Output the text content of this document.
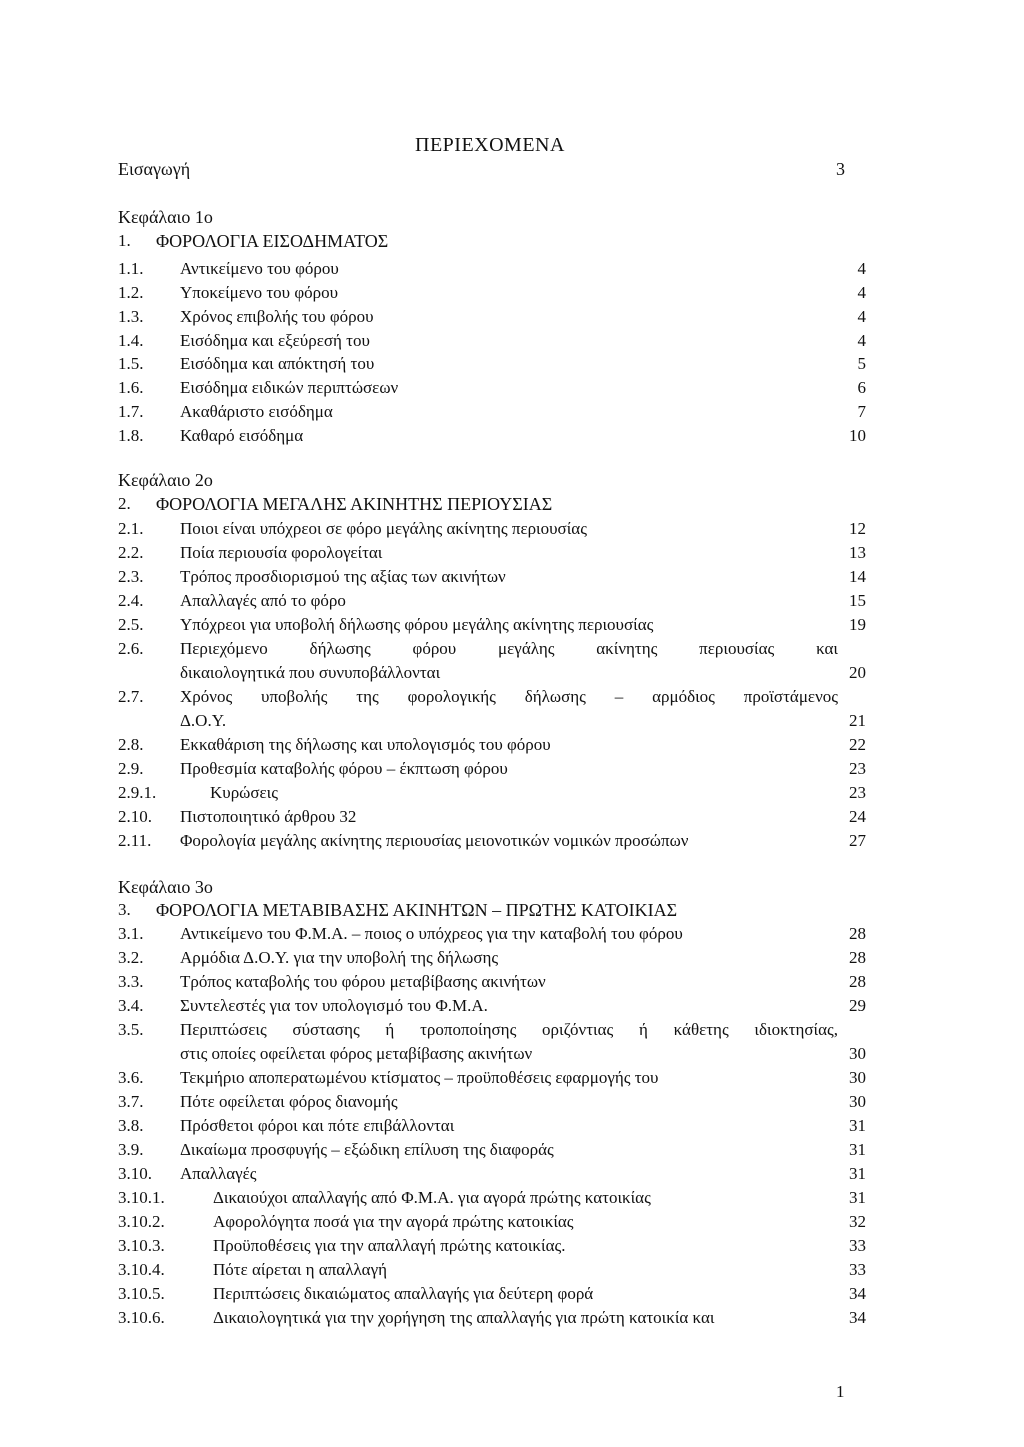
ΠΕΡΙΕΧΟΜΕΝΑ
Εισαγωγή	3
Κεφάλαιο 1ο
1. ΦΟΡΟΛΟΓΙΑ ΕΙΣΟΔΗΜΑΤΟΣ
1.1. Αντικείμενο του φόρου	4
1.2. Υποκείμενο του φόρου	4
1.3. Χρόνος επιβολής του φόρου	4
1.4. Εισόδημα και εξεύρεσή του	4
1.5. Εισόδημα και απόκτησή του	5
1.6. Εισόδημα ειδικών περιπτώσεων	6
1.7. Ακαθάριστο εισόδημα	7
1.8. Καθαρό εισόδημα	10
Κεφάλαιο 2ο
2. ΦΟΡΟΛΟΓΙΑ ΜΕΓΑΛΗΣ ΑΚΙΝΗΤΗΣ ΠΕΡΙΟΥΣΙΑΣ
2.1. Ποιοι είναι υπόχρεοι σε φόρο μεγάλης ακίνητης περιουσίας	12
2.2. Ποία περιουσία φορολογείται	13
2.3. Τρόπος προσδιορισμού της αξίας των ακινήτων	14
2.4. Απαλλαγές από το φόρο	15
2.5. Υπόχρεοι για υποβολή δήλωσης φόρου μεγάλης ακίνητης περιουσίας	19
2.6. Περιεχόμενο δήλωσης φόρου μεγάλης ακίνητης περιουσίας και
δικαιολογητικά που συνυποβάλλονται	20
2.7. Χρόνος υποβολής της φορολογικής δήλωσης – αρμόδιος προϊστάμενος
Δ.Ο.Υ.	21
2.8. Εκκαθάριση της δήλωσης και υπολογισμός του φόρου	22
2.9. Προθεσμία καταβολής φόρου – έκπτωση φόρου	23
2.9.1.	Κυρώσεις	23
2.10. Πιστοποιητικό άρθρου 32	24
2.11. Φορολογία μεγάλης ακίνητης περιουσίας μειονοτικών νομικών προσώπων	27
Κεφάλαιο 3ο
3. ΦΟΡΟΛΟΓΙΑ ΜΕΤΑΒΙΒΑΣΗΣ ΑΚΙΝΗΤΩΝ – ΠΡΩΤΗΣ ΚΑΤΟΙΚΙΑΣ
3.1. Αντικείμενο του Φ.Μ.Α. – ποιος ο υπόχρεος για την καταβολή του φόρου	28
3.2. Αρμόδια Δ.Ο.Υ. για την υποβολή της δήλωσης	28
3.3. Τρόπος καταβολής του φόρου μεταβίβασης ακινήτων	28
3.4. Συντελεστές για τον υπολογισμό του Φ.Μ.Α.	29
3.5. Περιπτώσεις σύστασης ή τροποποίησης οριζόντιας ή κάθετης ιδιοκτησίας,
στις οποίες οφείλεται φόρος μεταβίβασης ακινήτων	30
3.6. Τεκμήριο αποπερατωμένου κτίσματος – προϋποθέσεις εφαρμογής του	30
3.7. Πότε οφείλεται φόρος διανομής	30
3.8. Πρόσθετοι φόροι και πότε επιβάλλονται	31
3.9. Δικαίωμα προσφυγής – εξώδικη επίλυση της διαφοράς	31
3.10. Απαλλαγές	31
3.10.1.	Δικαιούχοι απαλλαγής από Φ.Μ.Α. για αγορά πρώτης κατοικίας	31
3.10.2.	Αφορολόγητα ποσά για την αγορά πρώτης κατοικίας	32
3.10.3.	Προϋποθέσεις για την απαλλαγή πρώτης κατοικίας.	33
3.10.4.	Πότε αίρεται η απαλλαγή	33
3.10.5.	Περιπτώσεις δικαιώματος απαλλαγής για δεύτερη φορά	34
3.10.6.	Δικαιολογητικά για την χορήγηση της απαλλαγής για πρώτη κατοικία και	34
1
